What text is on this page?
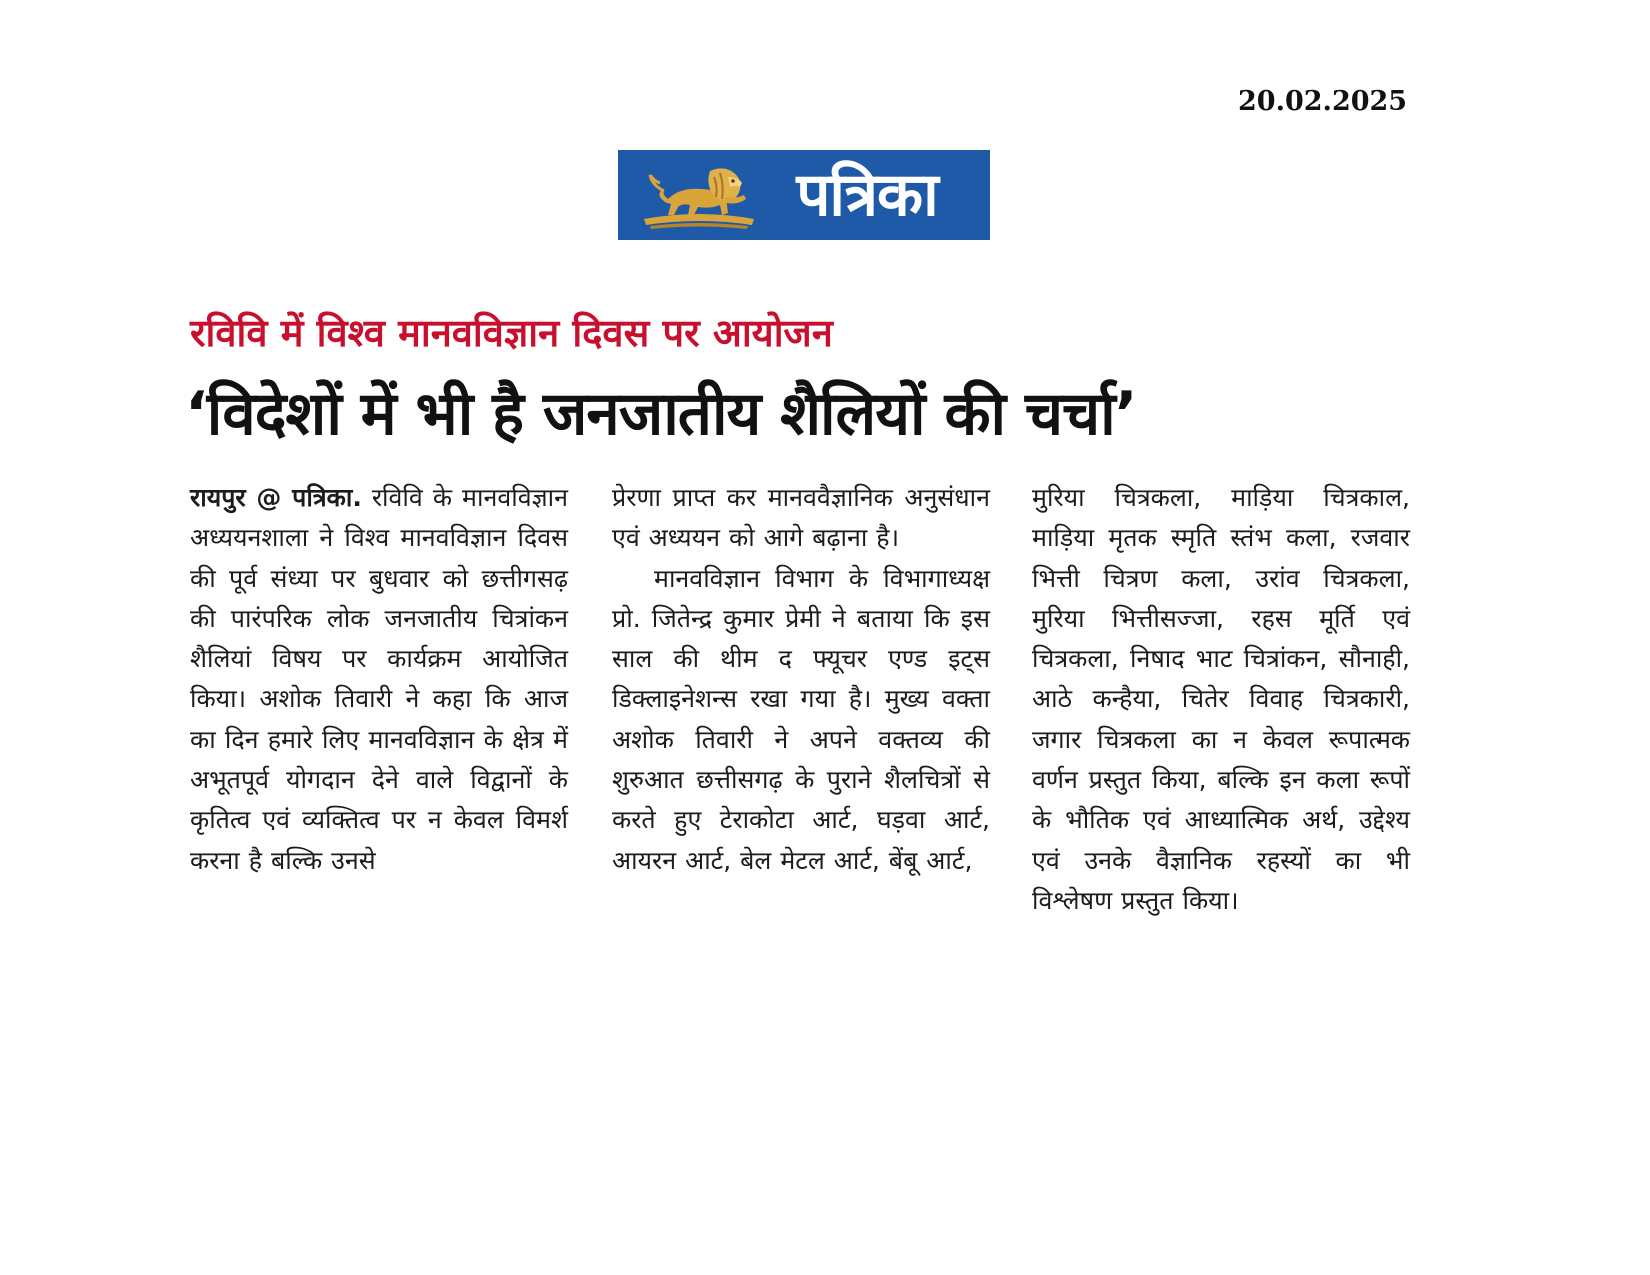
20.02.2025
पत्रिका
रविवि में विश्व मानवविज्ञान दिवस पर आयोजन
‘विदेशों में भी है जनजातीय शैलियों की चर्चा’

रायपुर @ पत्रिका. रविवि के मानवविज्ञान अध्ययनशाला ने विश्व मानवविज्ञान दिवस की पूर्व संध्या पर बुधवार को छत्तीगसढ़ की पारंपरिक लोक जनजातीय चित्रांकन शैलियां विषय पर कार्यक्रम आयोजित किया। अशोक तिवारी ने कहा कि आज का दिन हमारे लिए मानवविज्ञान के क्षेत्र में अभूतपूर्व योगदान देने वाले विद्वानों के कृतित्व एवं व्यक्तित्व पर न केवल विमर्श करना है बल्कि उनसे

प्रेरणा प्राप्त कर मानववैज्ञानिक अनुसंधान एवं अध्ययन को आगे बढ़ाना है।

मानवविज्ञान विभाग के विभागाध्यक्ष प्रो. जितेन्द्र कुमार प्रेमी ने बताया कि इस साल की थीम द फ्यूचर एण्ड इट्स डिक्लाइनेशन्स रखा गया है। मुख्य वक्ता अशोक तिवारी ने अपने वक्तव्य की शुरुआत छत्तीसगढ़ के पुराने शैलचित्रों से करते हुए टेराकोटा आर्ट, घड़वा आर्ट, आयरन आर्ट, बेल मेटल आर्ट, बेंबू आर्ट,

मुरिया चित्रकला, माड़िया चित्रकाल, माड़िया मृतक स्मृति स्तंभ कला, रजवार भित्ती चित्रण कला, उरांव चित्रकला, मुरिया भित्तीसज्जा, रहस मूर्ति एवं चित्रकला, निषाद भाट चित्रांकन, सौनाही, आठे कन्हैया, चितेर विवाह चित्रकारी, जगार चित्रकला का न केवल रूपात्मक वर्णन प्रस्तुत किया, बल्कि इन कला रूपों के भौतिक एवं आध्यात्मिक अर्थ, उद्देश्य एवं उनके वैज्ञानिक रहस्यों का भी विश्लेषण प्रस्तुत किया।
